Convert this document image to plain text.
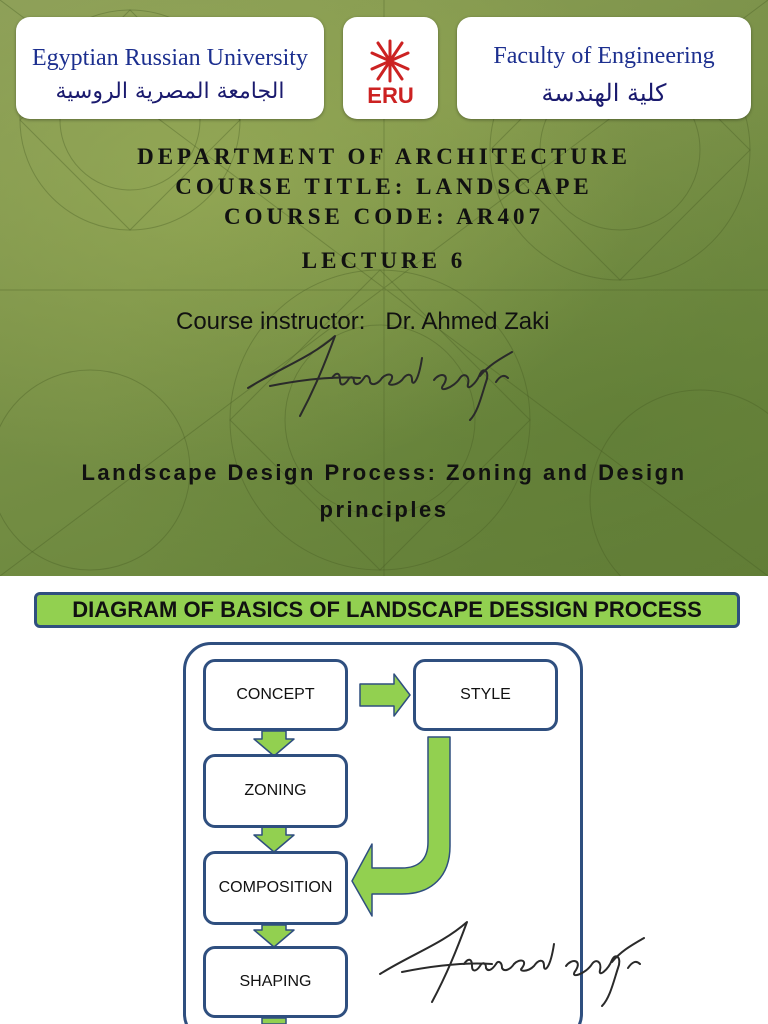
Egyptian Russian University
الجامعة المصرية الروسية	ERU
Faculty of Engineering
كلية الهندسة
DEPARTMENT OF ARCHITECTURE
COURSE TITLE: LANDSCAPE
COURSE CODE: AR407
LECTURE 6
Course instructor:   Dr. Ahmed Zaki
Landscape Design Process: Zoning and Design principles
DIAGRAM OF BASICS OF LANDSCAPE DESSIGN PROCESS
CONCEPT	STYLE
ZONING
COMPOSITION
SHAPING
